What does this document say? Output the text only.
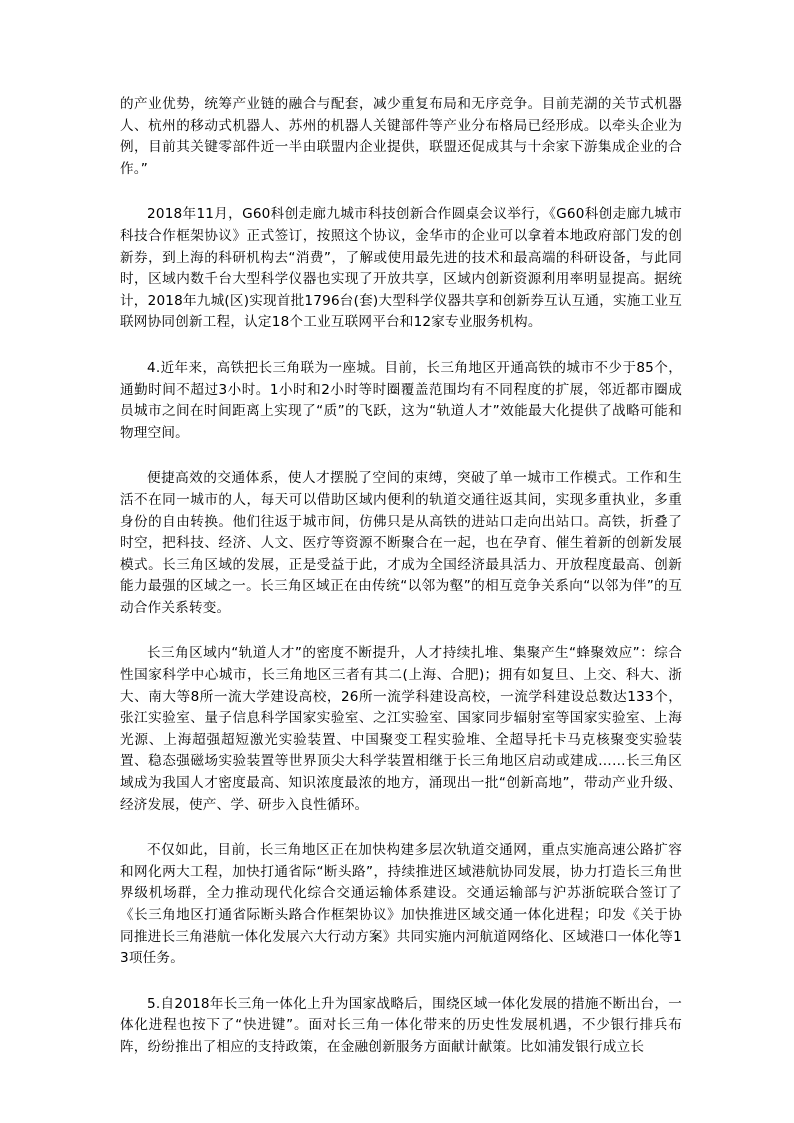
的产业优势，统筹产业链的融合与配套，减少重复布局和无序竞争。目前芜湖的关节式机器人、杭州的移动式机器人、苏州的机器人关键部件等产业分布格局已经形成。以牵头企业为例，目前其关键零部件近一半由联盟内企业提供，联盟还促成其与十余家下游集成企业的合作。”

2018年11月，G60科创走廊九城市科技创新合作圆桌会议举行，《G60科创走廊九城市科技合作框架协议》正式签订，按照这个协议，金华市的企业可以拿着本地政府部门发的创新券，到上海的科研机构去“消费”，了解或使用最先进的技术和最高端的科研设备，与此同时，区域内数千台大型科学仪器也实现了开放共享，区域内创新资源利用率明显提高。据统计，2018年九城(区)实现首批1796台(套)大型科学仪器共享和创新券互认互通，实施工业互联网协同创新工程，认定18个工业互联网平台和12家专业服务机构。

4.近年来，高铁把长三角联为一座城。目前，长三角地区开通高铁的城市不少于85个，通勤时间不超过3小时。1小时和2小时等时圈覆盖范围均有不同程度的扩展，邻近都市圈成员城市之间在时间距离上实现了“质”的飞跃，这为“轨道人才”效能最大化提供了战略可能和物理空间。

便捷高效的交通体系，使人才摆脱了空间的束缚，突破了单一城市工作模式。工作和生活不在同一城市的人，每天可以借助区域内便利的轨道交通往返其间，实现多重执业，多重身份的自由转换。他们往返于城市间，仿佛只是从高铁的进站口走向出站口。高铁，折叠了时空，把科技、经济、人文、医疗等资源不断聚合在一起，也在孕育、催生着新的创新发展模式。长三角区域的发展，正是受益于此，才成为全国经济最具活力、开放程度最高、创新能力最强的区域之一。长三角区域正在由传统“以邻为壑”的相互竞争关系向“以邻为伴”的互动合作关系转变。

长三角区域内“轨道人才”的密度不断提升，人才持续扎堆、集聚产生“蜂聚效应”：综合性国家科学中心城市，长三角地区三者有其二(上海、合肥)；拥有如复旦、上交、科大、浙大、南大等8所一流大学建设高校，26所一流学科建设高校，一流学科建设总数达133个，张江实验室、量子信息科学国家实验室、之江实验室、国家同步辐射室等国家实验室、上海光源、上海超强超短激光实验装置、中国聚变工程实验堆、全超导托卡马克核聚变实验装置、稳态强磁场实验装置等世界顶尖大科学装置相继于长三角地区启动或建成……长三角区域成为我国人才密度最高、知识浓度最浓的地方，涌现出一批“创新高地”，带动产业升级、经济发展，使产、学、研步入良性循环。

不仅如此，目前，长三角地区正在加快构建多层次轨道交通网，重点实施高速公路扩容和网化两大工程，加快打通省际“断头路”，持续推进区域港航协同发展，协力打造长三角世界级机场群，全力推动现代化综合交通运输体系建设。交通运输部与沪苏浙皖联合签订了《长三角地区打通省际断头路合作框架协议》加快推进区域交通一体化进程；印发《关于协同推进长三角港航一体化发展六大行动方案》共同实施内河航道网络化、区域港口一体化等13项任务。

5.自2018年长三角一体化上升为国家战略后，围绕区域一体化发展的措施不断出台，一体化进程也按下了“快进键”。面对长三角一体化带来的历史性发展机遇，不少银行排兵布阵，纷纷推出了相应的支持政策，在金融创新服务方面献计献策。比如浦发银行成立长
